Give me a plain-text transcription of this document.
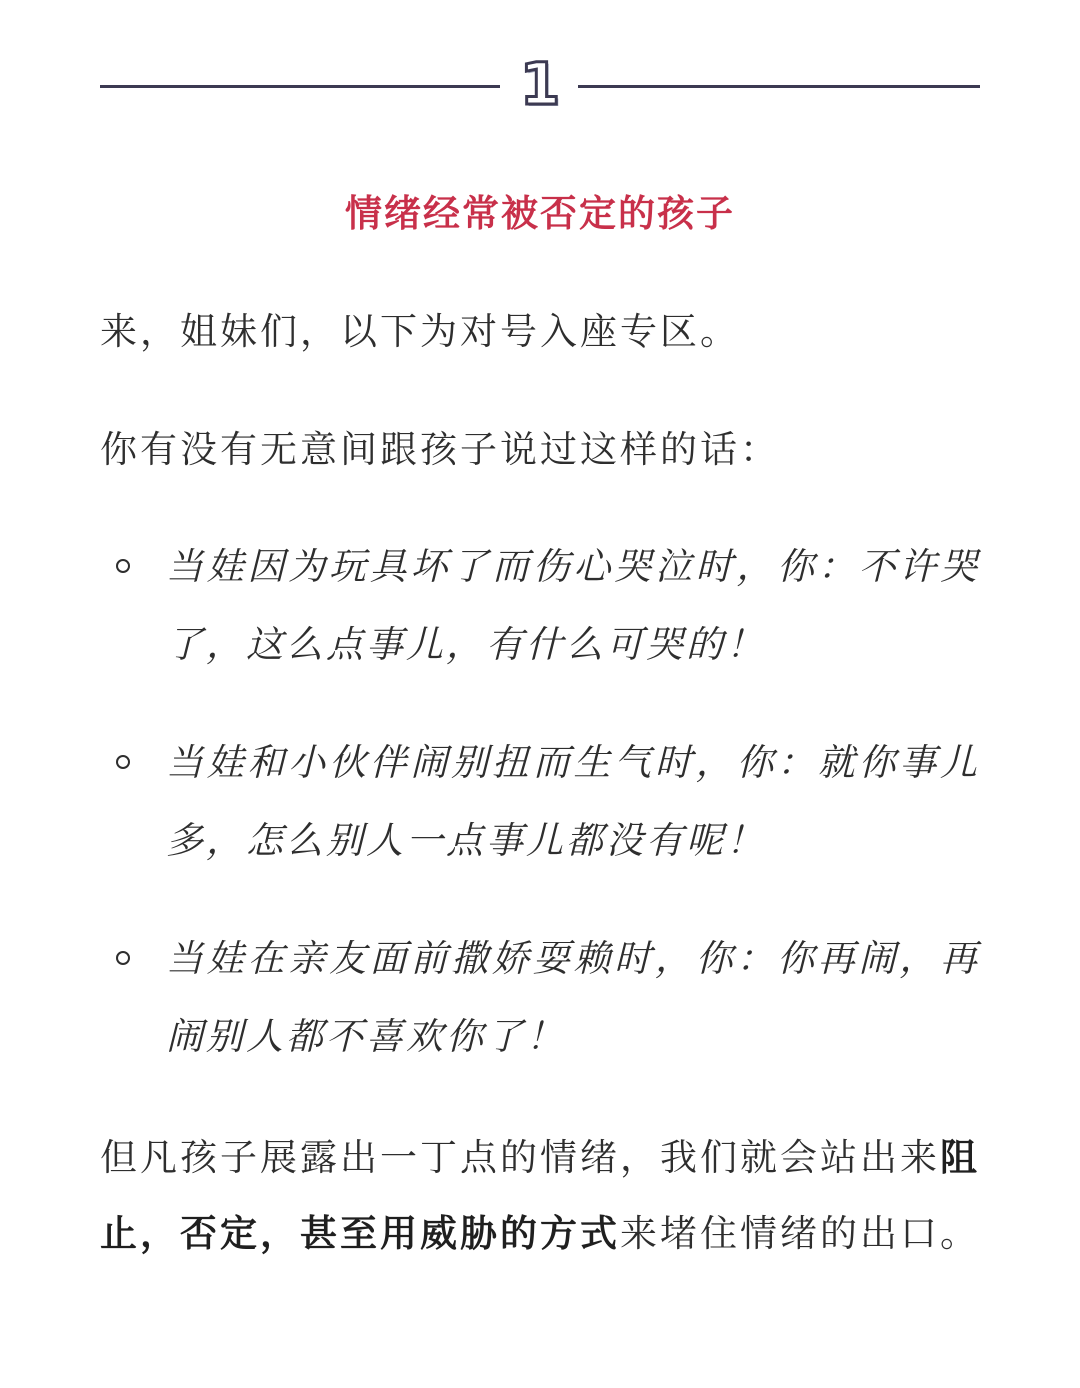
1
情绪经常被否定的孩子
来，姐妹们，以下为对号入座专区。
你有没有无意间跟孩子说过这样的话：
当娃因为玩具坏了而伤心哭泣时，你：不许哭了，这么点事儿，有什么可哭的！
当娃和小伙伴闹别扭而生气时，你：就你事儿多，怎么别人一点事儿都没有呢！
当娃在亲友面前撒娇耍赖时，你：你再闹，再闹别人都不喜欢你了！
但凡孩子展露出一丁点的情绪，我们就会站出来阻止，否定，甚至用威胁的方式来堵住情绪的出口。
